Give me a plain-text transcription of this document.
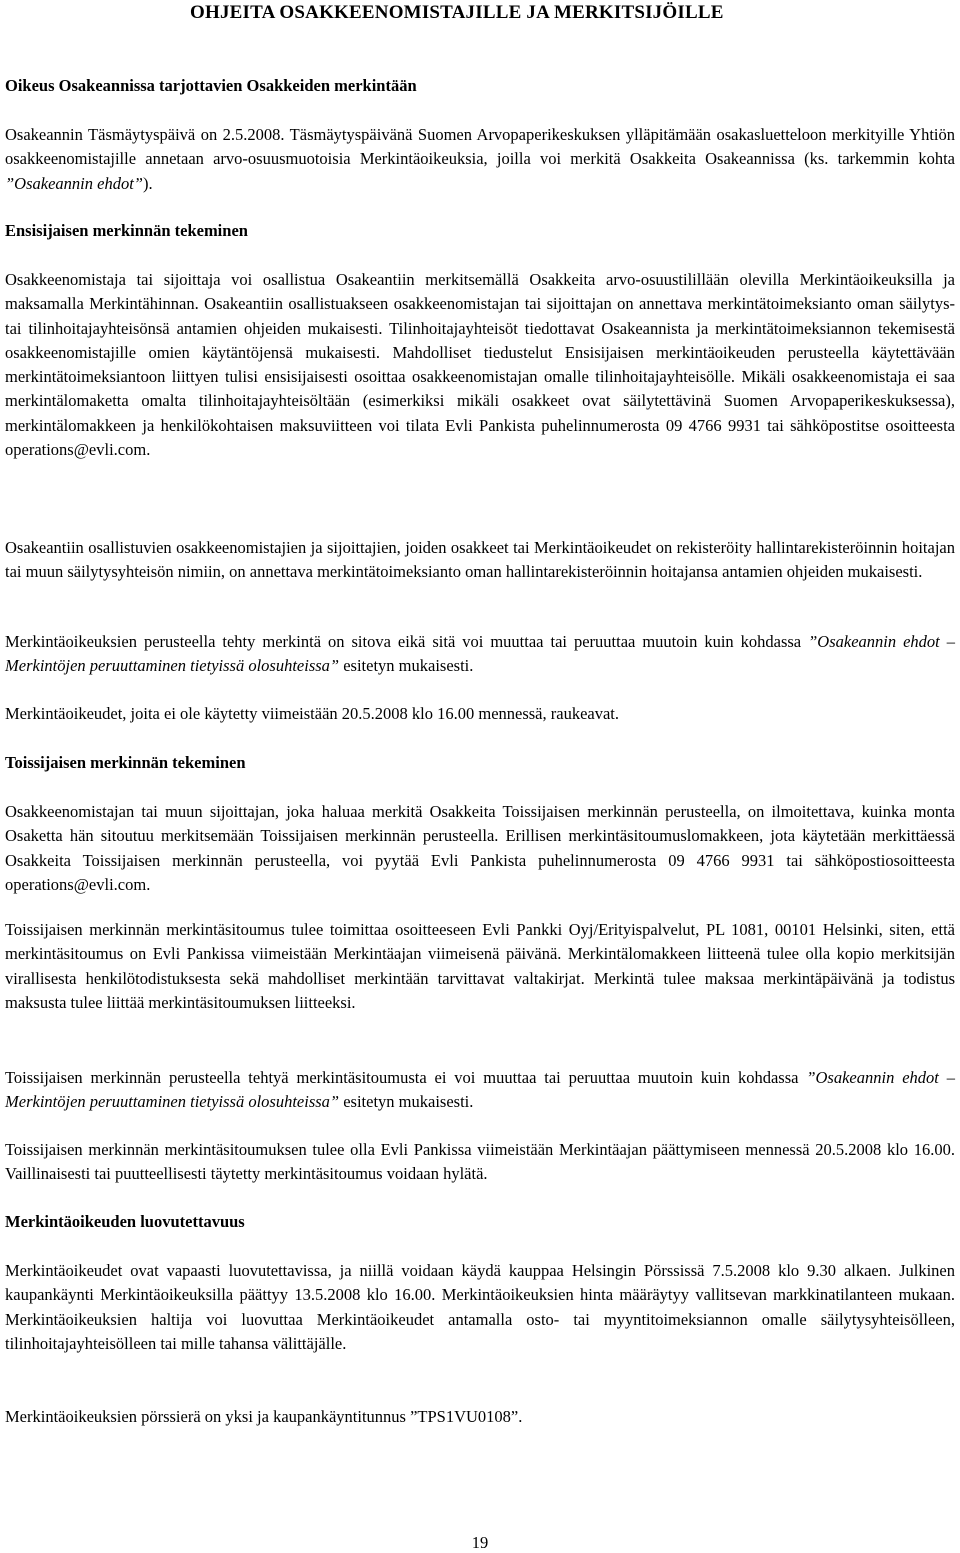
OHJEITA OSAKKEENOMISTAJILLE JA MERKITSIJÖILLE
Oikeus Osakeannissa tarjottavien Osakkeiden merkintään

Osakeannin Täsmäytyspäivä on 2.5.2008. Täsmäytyspäivänä Suomen Arvopaperikeskuksen ylläpitämään osakasluetteloon merkityille Yhtiön osakkeenomistajille annetaan arvo-osuusmuotoisia Merkintäoikeuksia, joilla voi merkitä Osakkeita Osakeannissa (ks. tarkemmin kohta ”Osakeannin ehdot”).

Ensisijaisen merkinnän tekeminen

Osakkeenomistaja tai sijoittaja voi osallistua Osakeantiin merkitsemällä Osakkeita arvo-osuustilillään olevilla Merkintäoikeuksilla ja maksamalla Merkintähinnan. Osakeantiin osallistuakseen osakkeenomistajan tai sijoittajan on annettava merkintätoimeksianto oman säilytys- tai tilinhoitajayhteisönsä antamien ohjeiden mukaisesti. Tilinhoitajayhteisöt tiedottavat Osakeannista ja merkintätoimeksiannon tekemisestä osakkeenomistajille omien käytäntöjensä mukaisesti. Mahdolliset tiedustelut Ensisijaisen merkintäoikeuden perusteella käytettävään merkintätoimeksiantoon liittyen tulisi ensisijaisesti osoittaa osakkeenomistajan omalle tilinhoitajayhteisölle. Mikäli osakkeenomistaja ei saa merkintälomaketta omalta tilinhoitajayhteisöltään (esimerkiksi mikäli osakkeet ovat säilytettävinä Suomen Arvopaperikeskuksessa), merkintälomakkeen ja henkilökohtaisen maksuviitteen voi tilata Evli Pankista puhelinnumerosta 09 4766 9931 tai sähköpostitse osoitteesta operations@evli.com.

Osakeantiin osallistuvien osakkeenomistajien ja sijoittajien, joiden osakkeet tai Merkintäoikeudet on rekisteröity hallintarekisteröinnin hoitajan tai muun säilytysyhteisön nimiin, on annettava merkintätoimeksianto oman hallintarekisteröinnin hoitajansa antamien ohjeiden mukaisesti.

Merkintäoikeuksien perusteella tehty merkintä on sitova eikä sitä voi muuttaa tai peruuttaa muutoin kuin kohdassa ”Osakeannin ehdot – Merkintöjen peruuttaminen tietyissä olosuhteissa” esitetyn mukaisesti.

Merkintäoikeudet, joita ei ole käytetty viimeistään 20.5.2008 klo 16.00 mennessä, raukeavat.

Toissijaisen merkinnän tekeminen

Osakkeenomistajan tai muun sijoittajan, joka haluaa merkitä Osakkeita Toissijaisen merkinnän perusteella, on ilmoitettava, kuinka monta Osaketta hän sitoutuu merkitsemään Toissijaisen merkinnän perusteella. Erillisen merkintäsitoumuslomakkeen, jota käytetään merkittäessä Osakkeita Toissijaisen merkinnän perusteella, voi pyytää Evli Pankista puhelinnumerosta 09 4766 9931 tai sähköpostiosoitteesta operations@evli.com.

Toissijaisen merkinnän merkintäsitoumus tulee toimittaa osoitteeseen Evli Pankki Oyj/Erityispalvelut, PL 1081, 00101 Helsinki, siten, että merkintäsitoumus on Evli Pankissa viimeistään Merkintäajan viimeisenä päivänä. Merkintälomakkeen liitteenä tulee olla kopio merkitsijän virallisesta henkilötodistuksesta sekä mahdolliset merkintään tarvittavat valtakirjat. Merkintä tulee maksaa merkintäpäivänä ja todistus maksusta tulee liittää merkintäsitoumuksen liitteeksi.

Toissijaisen merkinnän perusteella tehtyä merkintäsitoumusta ei voi muuttaa tai peruuttaa muutoin kuin kohdassa ”Osakeannin ehdot – Merkintöjen peruuttaminen tietyissä olosuhteissa” esitetyn mukaisesti.

Toissijaisen merkinnän merkintäsitoumuksen tulee olla Evli Pankissa viimeistään Merkintäajan päättymiseen mennessä 20.5.2008 klo 16.00. Vaillinaisesti tai puutteellisesti täytetty merkintäsitoumus voidaan hylätä.

Merkintäoikeuden luovutettavuus

Merkintäoikeudet ovat vapaasti luovutettavissa, ja niillä voidaan käydä kauppaa Helsingin Pörssissä 7.5.2008 klo 9.30 alkaen. Julkinen kaupankäynti Merkintäoikeuksilla päättyy 13.5.2008 klo 16.00. Merkintäoikeuksien hinta määräytyy vallitsevan markkinatilanteen mukaan. Merkintäoikeuksien haltija voi luovuttaa Merkintäoikeudet antamalla osto- tai myyntitoimeksiannon omalle säilytysyhteisölleen, tilinhoitajayhteisölleen tai mille tahansa välittäjälle.

Merkintäoikeuksien pörssierä on yksi ja kaupankäyntitunnus ”TPS1VU0108”.

19
